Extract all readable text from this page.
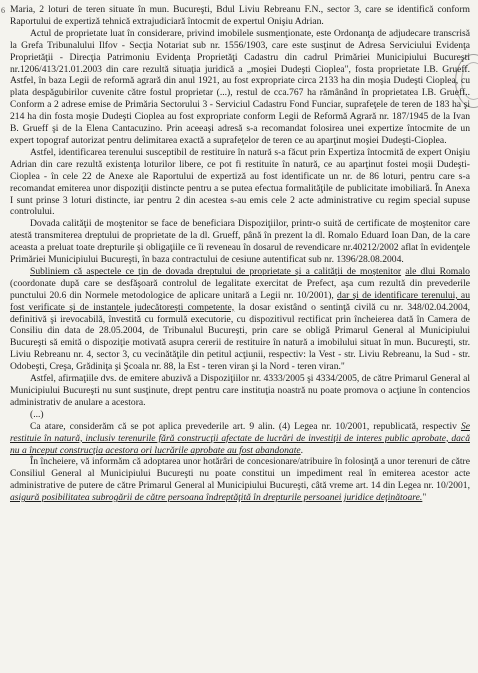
6 Maria, 2 loturi de teren situate în mun. Bucureşti, Bdul Liviu Rebreanu F.N., sector 3, care se identifică conform Raportului de expertiză tehnică extrajudiciară întocmit de expertul Onişiu Adrian.

Actul de proprietate luat în considerare, privind imobilele susmenţionate, este Ordonanţa de adjudecare transcrisă la Grefa Tribunalului Ilfov - Secţia Notariat sub nr. 1556/1903, care este susţinut de Adresa Serviciului Evidenţa Proprietăţii - Direcţia Patrimoniu Evidenţa Proprietăţi Cadastru din cadrul Primăriei Municipiului Bucureşti nr.1206/413/21.01.2003 din care rezultă situaţia juridică a „moşiei Dudeşti Cioplea", fosta proprietate I.B. Grueff. Astfel, în baza Legii de reformă agrară din anul 1921, au fost expropriate circa 2133 ha din moşia Dudeşti Cioplea, cu plata despăgubirilor cuvenite către fostul proprietar (...), restul de cca.767 ha rămânând în proprietatea I.B. Grueff.. Conform a 2 adrese emise de Primăria Sectorului 3 - Serviciul Cadastru Fond Funciar, suprafeţele de teren de 183 ha şi 214 ha din fosta moşie Dudeşti Cioplea au fost expropriate conform Legii de Reformă Agrară nr. 187/1945 de la Ivan B. Grueff şi de la Elena Cantacuzino. Prin aceeaşi adresă s-a recomandat folosirea unei expertize întocmite de un expert topograf autorizat pentru delimitarea exactă a suprafeţelor de teren ce au aparţinut moşiei Dudeşti-Cioplea.

Astfel, identificarea terenului susceptibil de restituire în natură s-a făcut prin Expertiza întocmită de expert Onişiu Adrian din care rezultă existenţa loturilor libere, ce pot fi restituite în natură, ce au aparţinut fostei moşii Dudeşti-Cioplea - în cele 22 de Anexe ale Raportului de expertiză au fost identificate un nr. de 86 loturi, pentru care s-a recomandat emiterea unor dispoziţii distincte pentru a se putea efectua formalităţile de publicitate imobiliară. În Anexa I sunt prinse 3 loturi distincte, iar pentru 2 din acestea s-au emis cele 2 acte administrative cu regim special supuse controlului.

Dovada calităţii de moştenitor se face de beneficiara Dispoziţiilor, printr-o suită de certificate de moştenitor care atestă transmiterea dreptului de proprietate de la dl. Grueff, până în prezent la dl. Romalo Eduard Ioan Dan, de la care aceasta a preluat toate drepturile şi obligaţiile ce îi reveneau în dosarul de revendicare nr.40212/2002 aflat în evidenţele Primăriei Municipiului Bucureşti, în baza contractului de cesiune autentificat sub nr. 1396/28.08.2004.

Subliniem că aspectele ce ţin de dovada dreptului de proprietate şi a calităţii de moştenitor ale dlui Romalo (coordonate după care se desfăşoară controlul de legalitate exercitat de Prefect, aşa cum rezultă din prevederile punctului 20.6 din Normele metodologice de aplicare unitară a Legii nr. 10/2001), dar şi de identificare terenului, au fost verificate şi de instanţele judecătoreşti competente, la dosar existând o sentinţă civilă cu nr. 348/02.04.2004, definitivă şi irevocabilă, învestită cu formulă executorie, cu dispozitivul rectificat prin încheierea dată în Camera de Consiliu din data de 28.05.2004, de Tribunalul Bucureşti, prin care se obligă Primarul General al Municipiului Bucureşti să emită o dispoziţie motivată asupra cererii de restituire în natură a imobilului situat în mun. Bucureşti, str. Liviu Rebreanu nr. 4, sector 3, cu vecinătăţile din petitul acţiunii, respectiv: la Vest - str. Liviu Rebreanu, la Sud - str. Odobeşti, Creşa, Grădiniţa şi Şcoala nr. 88, la Est - teren viran şi la Nord - teren viran."

Astfel, afirmaţiile dvs. de emitere abuzivă a Dispoziţiilor nr. 4333/2005 şi 4334/2005, de către Primarul General al Municipiului Bucureşti nu sunt susţinute, drept pentru care instituţia noastră nu poate promova o acţiune în contencios administrativ de anulare a acestora.

(...)

Ca atare, considerăm că se pot aplica prevederile art. 9 alin. (4) Legea nr. 10/2001, republicată, respectiv Se restituie în natură, inclusiv terenurile fără construcţii afectate de lucrări de investiţii de interes public aprobate, dacă nu a început construcţia acestora ori lucrările aprobate au fost abandonate.

În încheiere, vă informăm că adoptarea unor hotărâri de concesionare/atribuire în folosinţă a unor terenuri de către Consiliul General al Municipiului Bucureşti nu poate constitui un impediment real în emiterea acestor acte administrative de putere de către Primarul General al Municipiului Bucureşti, câtă vreme art. 14 din Legea nr. 10/2001, asigură posibilitatea subrogării de către persoana îndreptăţită în drepturile persoanei juridice deţinătoare."
